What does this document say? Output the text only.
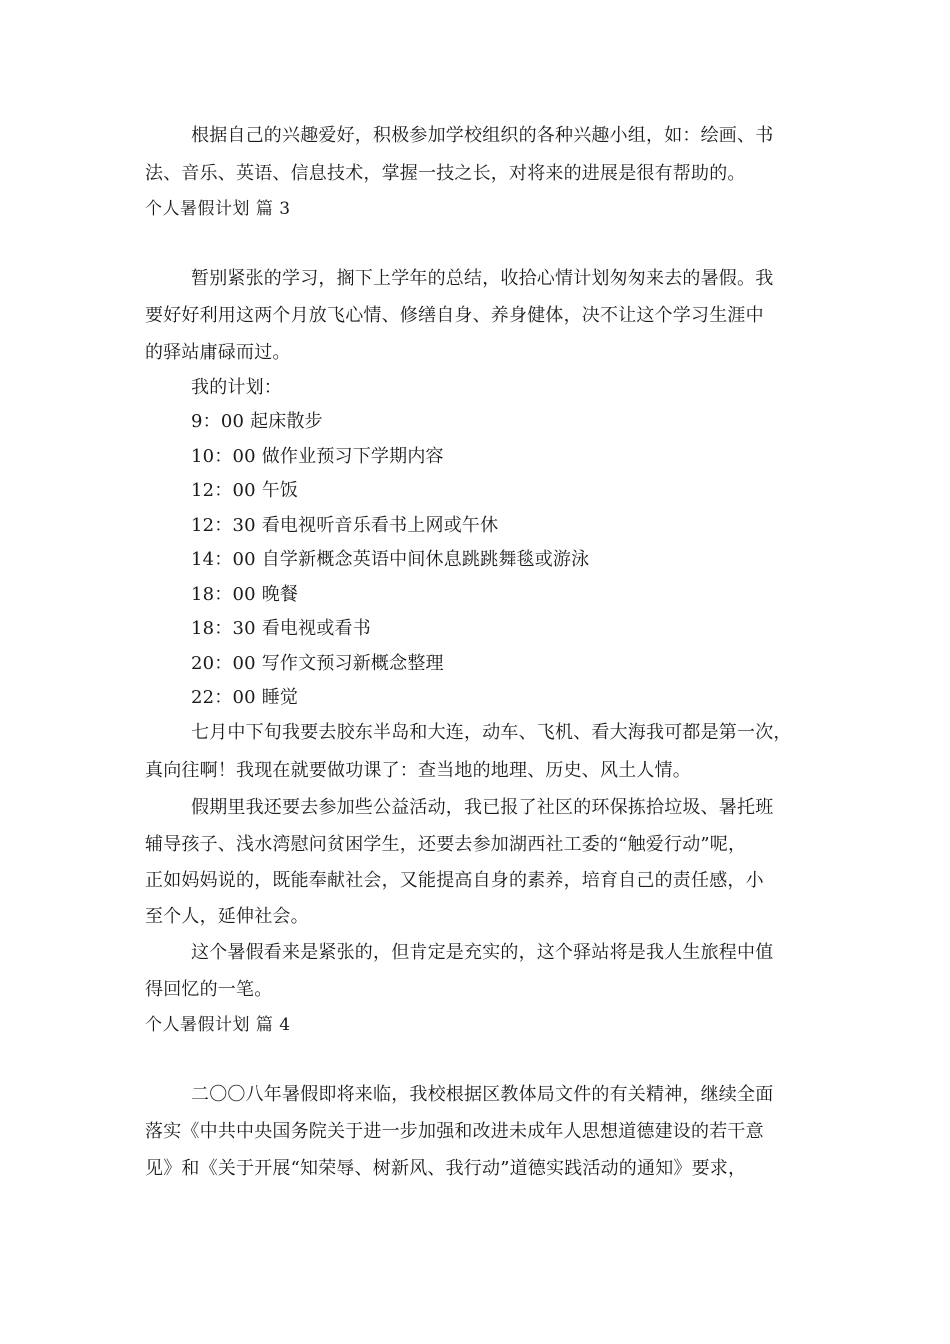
根据自己的兴趣爱好，积极参加学校组织的各种兴趣小组，如：绘画、书
法、音乐、英语、信息技术，掌握一技之长，对将来的进展是很有帮助的。
个人暑假计划 篇 3
暂别紧张的学习，搁下上学年的总结，收拾心情计划匆匆来去的暑假。我
要好好利用这两个月放飞心情、修缮自身、养身健体，决不让这个学习生涯中
的驿站庸碌而过。
我的计划：
9：00 起床散步
10：00 做作业预习下学期内容
12：00 午饭
12：30 看电视听音乐看书上网或午休
14：00 自学新概念英语中间休息跳跳舞毯或游泳
18：00 晚餐
18：30 看电视或看书
20：00 写作文预习新概念整理
22：00 睡觉
七月中下旬我要去胶东半岛和大连，动车、飞机、看大海我可都是第一次，
真向往啊！我现在就要做功课了：查当地的地理、历史、风土人情。
假期里我还要去参加些公益活动，我已报了社区的环保拣拾垃圾、暑托班
辅导孩子、浅水湾慰问贫困学生，还要去参加湖西社工委的“触爱行动”呢，
正如妈妈说的，既能奉献社会，又能提高自身的素养，培育自己的责任感，小
至个人，延伸社会。
这个暑假看来是紧张的，但肯定是充实的，这个驿站将是我人生旅程中值
得回忆的一笔。
个人暑假计划 篇 4
二〇〇八年暑假即将来临，我校根据区教体局文件的有关精神，继续全面
落实《中共中央国务院关于进一步加强和改进未成年人思想道德建设的若干意
见》和《关于开展“知荣辱、树新风、我行动”道德实践活动的通知》要求，
